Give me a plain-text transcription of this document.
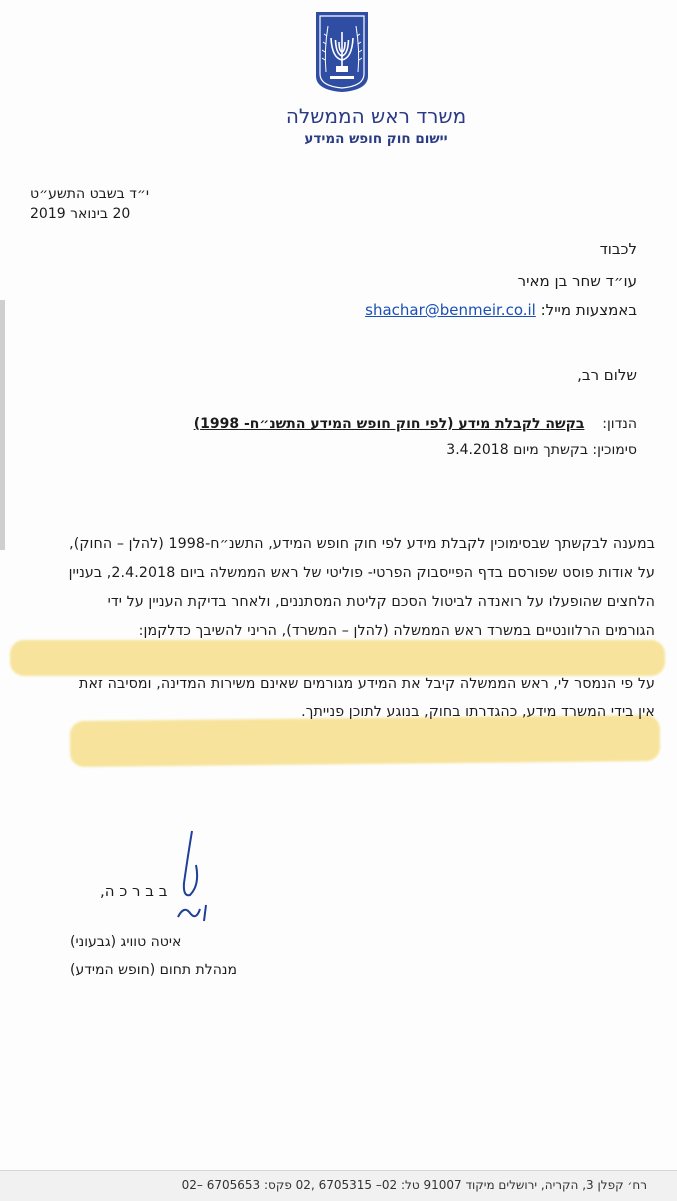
משרד ראש הממשלה
יישום חוק חופש המידע
י״ד בשבט התשע״ט
20 בינואר 2019
לכבוד
עו״ד שחר בן מאיר
באמצעות מייל: shachar@benmeir.co.il
שלום רב,
הנדון:    בקשה לקבלת מידע (לפי חוק חופש המידע התשנ״ח- 1998)
סימוכין: בקשתך מיום 3.4.2018
במענה לבקשתך שבסימוכין לקבלת מידע לפי חוק חופש המידע, התשנ״ח-1998 (להלן – החוק),
על אודות פוסט שפורסם בדף הפייסבוק הפרטי- פוליטי של ראש הממשלה ביום 2.4.2018, בעניין
הלחצים שהופעלו על רואנדה לביטול הסכם קליטת המסתננים, ולאחר בדיקת העניין על ידי
הגורמים הרלוונטיים במשרד ראש הממשלה (להלן – המשרד), הריני להשיבך כדלקמן:
על פי הנמסר לי, ראש הממשלה קיבל את המידע מגורמים שאינם משירות המדינה, ומסיבה זאת
אין בידי המשרד מידע, כהגדרתו בחוק, בנוגע לתוכן פנייתך.
ב ב ר כ ה,
איטה טוויג (גבעוני)
מנהלת תחום (חופש המידע)
רח׳ קפלן 3, הקריה, ירושלים מיקוד 91007 טל: 02– 6705315 ,02 פקס: 6705653 –02
